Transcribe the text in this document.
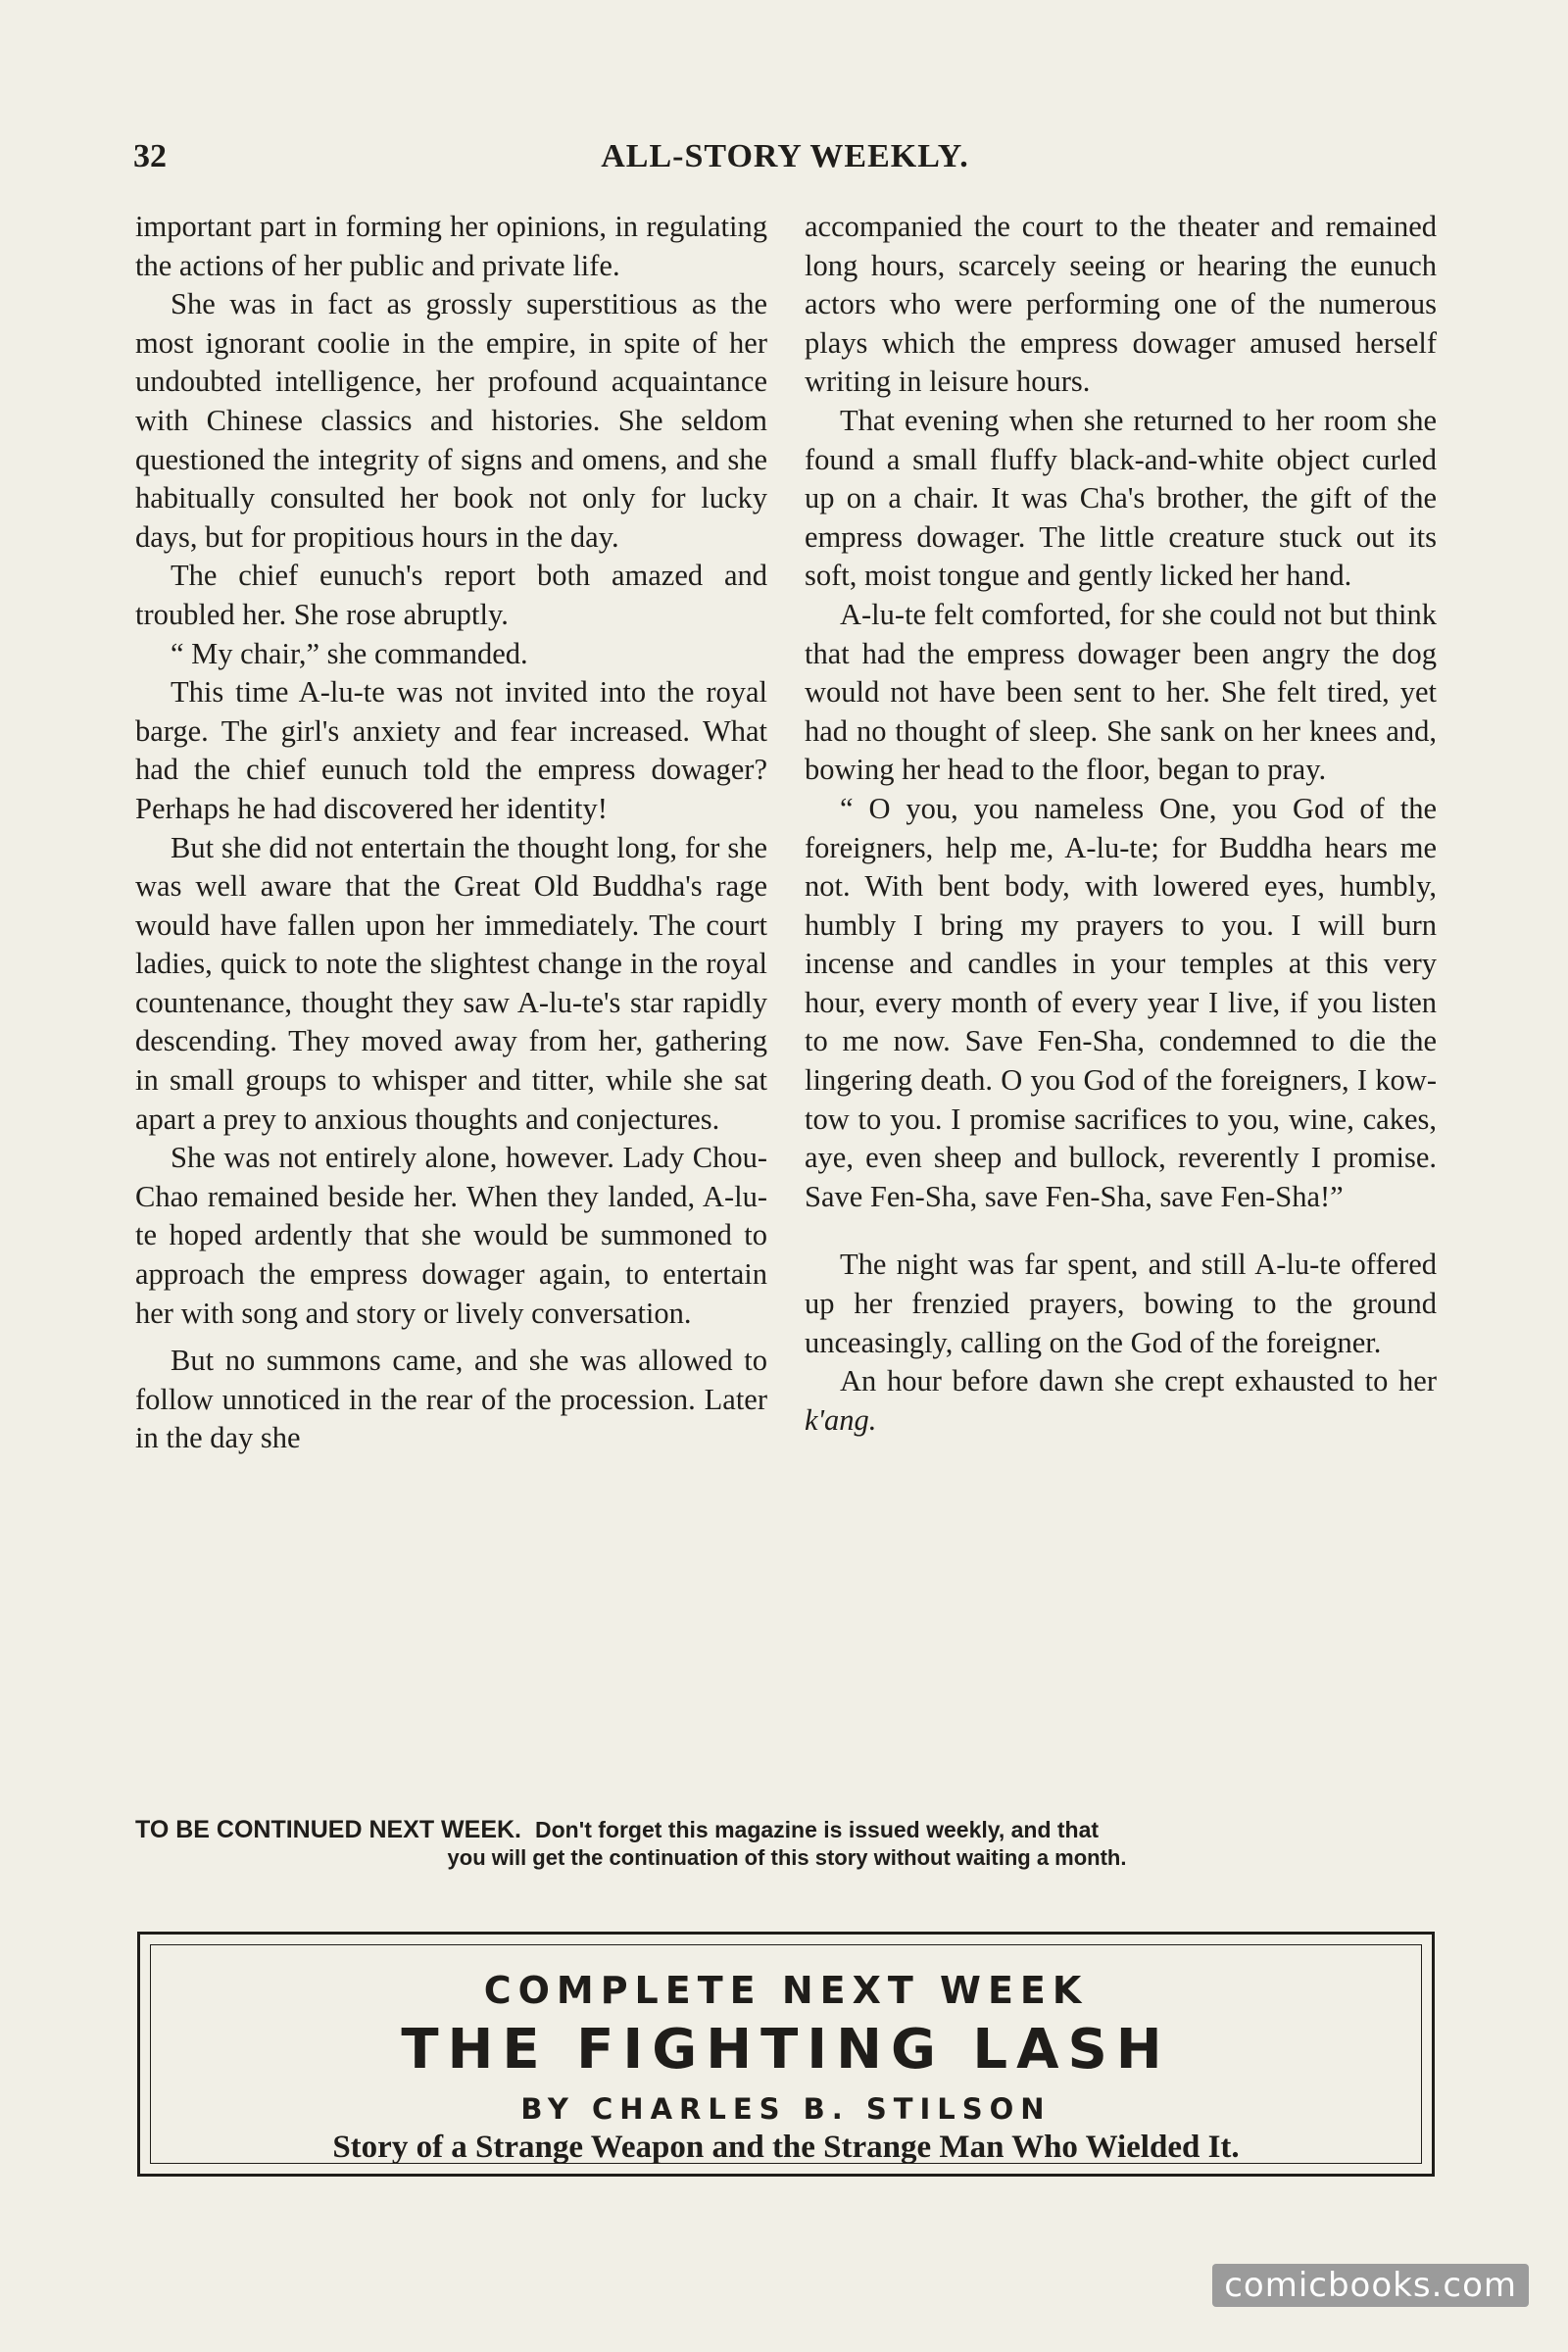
32	ALL-STORY WEEKLY.

important part in forming her opinions, in regulating the actions of her public and private life.

She was in fact as grossly superstitious as the most ignorant coolie in the empire, in spite of her undoubted intelligence, her profound acquaintance with Chinese classics and histories. She seldom questioned the integrity of signs and omens, and she habitually consulted her book not only for lucky days, but for propitious hours in the day.

The chief eunuch's report both amazed and troubled her. She rose abruptly.

“ My chair,” she commanded.

This time A-lu-te was not invited into the royal barge. The girl's anxiety and fear increased. What had the chief eunuch told the empress dowager? Perhaps he had discovered her identity!

But she did not entertain the thought long, for she was well aware that the Great Old Buddha's rage would have fallen upon her immediately. The court ladies, quick to note the slightest change in the royal countenance, thought they saw A-lu-te's star rapidly descending. They moved away from her, gathering in small groups to whisper and titter, while she sat apart a prey to anxious thoughts and conjectures.

She was not entirely alone, however. Lady Chou-Chao remained beside her. When they landed, A-lu-te hoped ardently that she would be summoned to approach the empress dowager again, to entertain her with song and story or lively conversation.

But no summons came, and she was allowed to follow unnoticed in the rear of the procession. Later in the day she

accompanied the court to the theater and remained long hours, scarcely seeing or hearing the eunuch actors who were performing one of the numerous plays which the empress dowager amused herself writing in leisure hours.

That evening when she returned to her room she found a small fluffy black-and-white object curled up on a chair. It was Cha's brother, the gift of the empress dowager. The little creature stuck out its soft, moist tongue and gently licked her hand.

A-lu-te felt comforted, for she could not but think that had the empress dowager been angry the dog would not have been sent to her. She felt tired, yet had no thought of sleep. She sank on her knees and, bowing her head to the floor, began to pray.

“ O you, you nameless One, you God of the foreigners, help me, A-lu-te; for Buddha hears me not. With bent body, with lowered eyes, humbly, humbly I bring my prayers to you. I will burn incense and candles in your temples at this very hour, every month of every year I live, if you listen to me now. Save Fen-Sha, condemned to die the lingering death. O you God of the foreigners, I kow-tow to you. I promise sacrifices to you, wine, cakes, aye, even sheep and bullock, reverently I promise. Save Fen-Sha, save Fen-Sha, save Fen-Sha!”

The night was far spent, and still A-lu-te offered up her frenzied prayers, bowing to the ground unceasingly, calling on the God of the foreigner.

An hour before dawn she crept exhausted to her k'ang.

TO BE CONTINUED NEXT WEEK. Don't forget this magazine is issued weekly, and that
you will get the continuation of this story without waiting a month.
COMPLETE NEXT WEEK
THE FIGHTING LASH
BY CHARLES B. STILSON
Story of a Strange Weapon and the Strange Man Who Wielded It.
comicbooks.com
